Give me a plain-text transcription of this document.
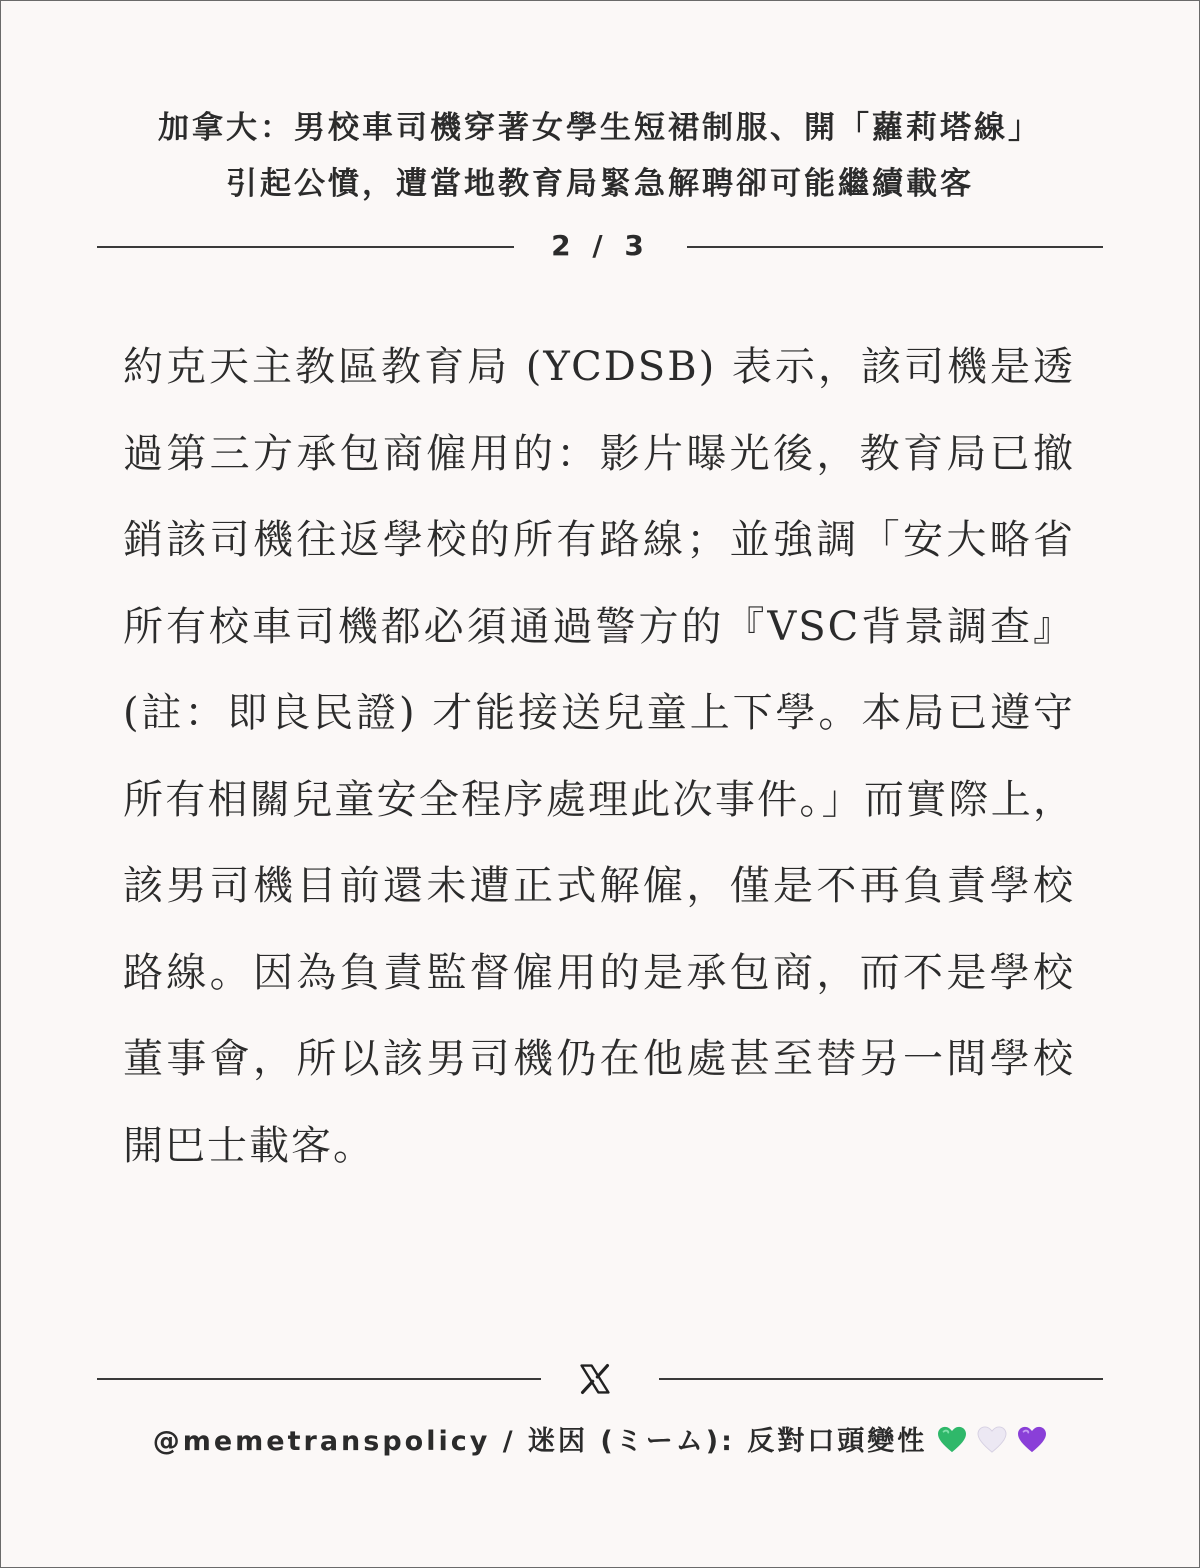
加拿大：男校車司機穿著女學生短裙制服、開「蘿莉塔線」
引起公憤，遭當地教育局緊急解聘卻可能繼續載客
2 / 3

約克天主教區教育局 (YCDSB) 表示，該司機是透過第三方承包商僱用的：影片曝光後，教育局已撤銷該司機往返學校的所有路線；並強調「安大略省所有校車司機都必須通過警方的『VSC背景調查』 (註：即良民證) 才能接送兒童上下學。本局已遵守所有相關兒童安全程序處理此次事件。」而實際上，該男司機目前還未遭正式解僱，僅是不再負責學校路線。因為負責監督僱用的是承包商，而不是學校董事會，所以該男司機仍在他處甚至替另一間學校開巴士載客。

@memetranspolicy / 迷因 (ミーム): 反對口頭變性
